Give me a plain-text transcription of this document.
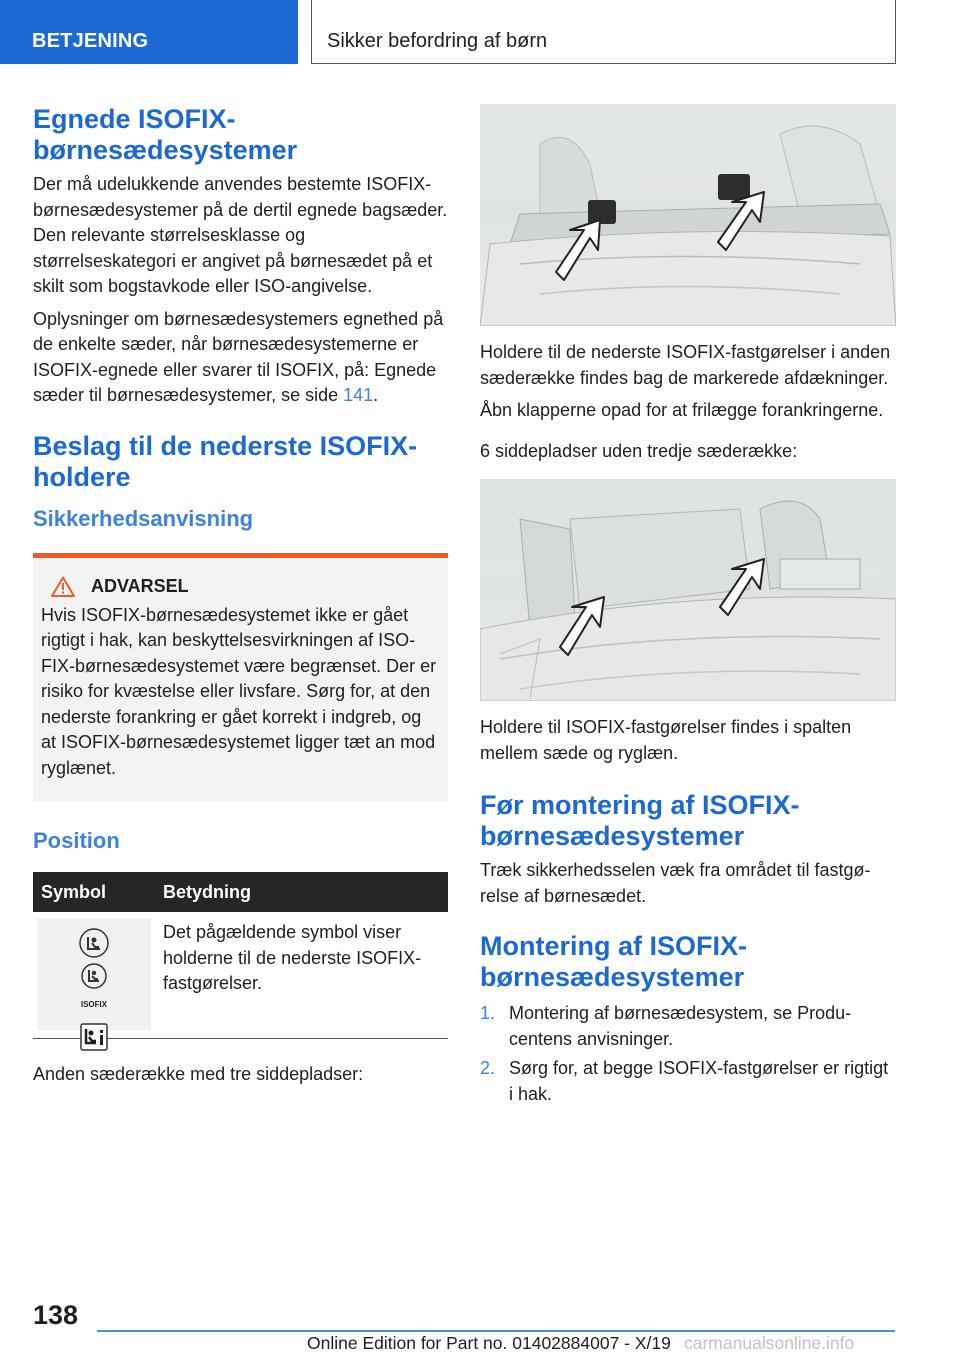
BETJENING	Sikker befordring af børn
Egnede ISOFIX-børnesædesystemer

Der må udelukkende anvendes bestemte ISOFIX-børnesædesystemer på de dertil egnede bagsæder. Den relevante størrelsesklasse og størrelseskategori er angivet på børnesædet på et skilt som bogstavkode eller ISO-angivelse.

Oplysninger om børnesædesystemers egnethed på de enkelte sæder, når børnesædesystemerne er ISOFIX-egnede eller svarer til ISOFIX, på: Egnede sæder til børnesædesystemer, se side 141.

Beslag til de nederste ISOFIX-holdere
Sikkerhedsanvisning
ADVARSEL

Hvis ISOFIX-børnesædesystemet ikke er gået rigtigt i hak, kan beskyttelsesvirkningen af ISOFIX-børnesædesystemet være begrænset. Der er risiko for kvæstelse eller livsfare. Sørg for, at den nederste forankring er gået korrekt i indgreb, og at ISOFIX-børnesædesystemet ligger tæt an mod ryglænet.

Position
Symbol	Betydning

ISOFIX	Det pågældende symbol viser holderne til de nederste ISOFIX-fastgørelser.

Anden sæderække med tre siddepladser:

Holdere til de nederste ISOFIX-fastgørelser i anden sæderække findes bag de markerede afdækninger.

Åbn klapperne opad for at frilægge forankringerne.

6 siddepladser uden tredje sæderække:

Holdere til ISOFIX-fastgørelser findes i spalten mellem sæde og ryglæn.

Før montering af ISOFIX-børnesædesystemer

Træk sikkerhedsselen væk fra området til fastgørelse af børnesædet.

Montering af ISOFIX-børnesædesystemer
1. Montering af børnesædesystem, se Producentens anvisninger.
2. Sørg for, at begge ISOFIX-fastgørelser er rigtigt i hak.
138
Online Edition for Part no. 01402884007 - X/19 carmanualsonline.info
